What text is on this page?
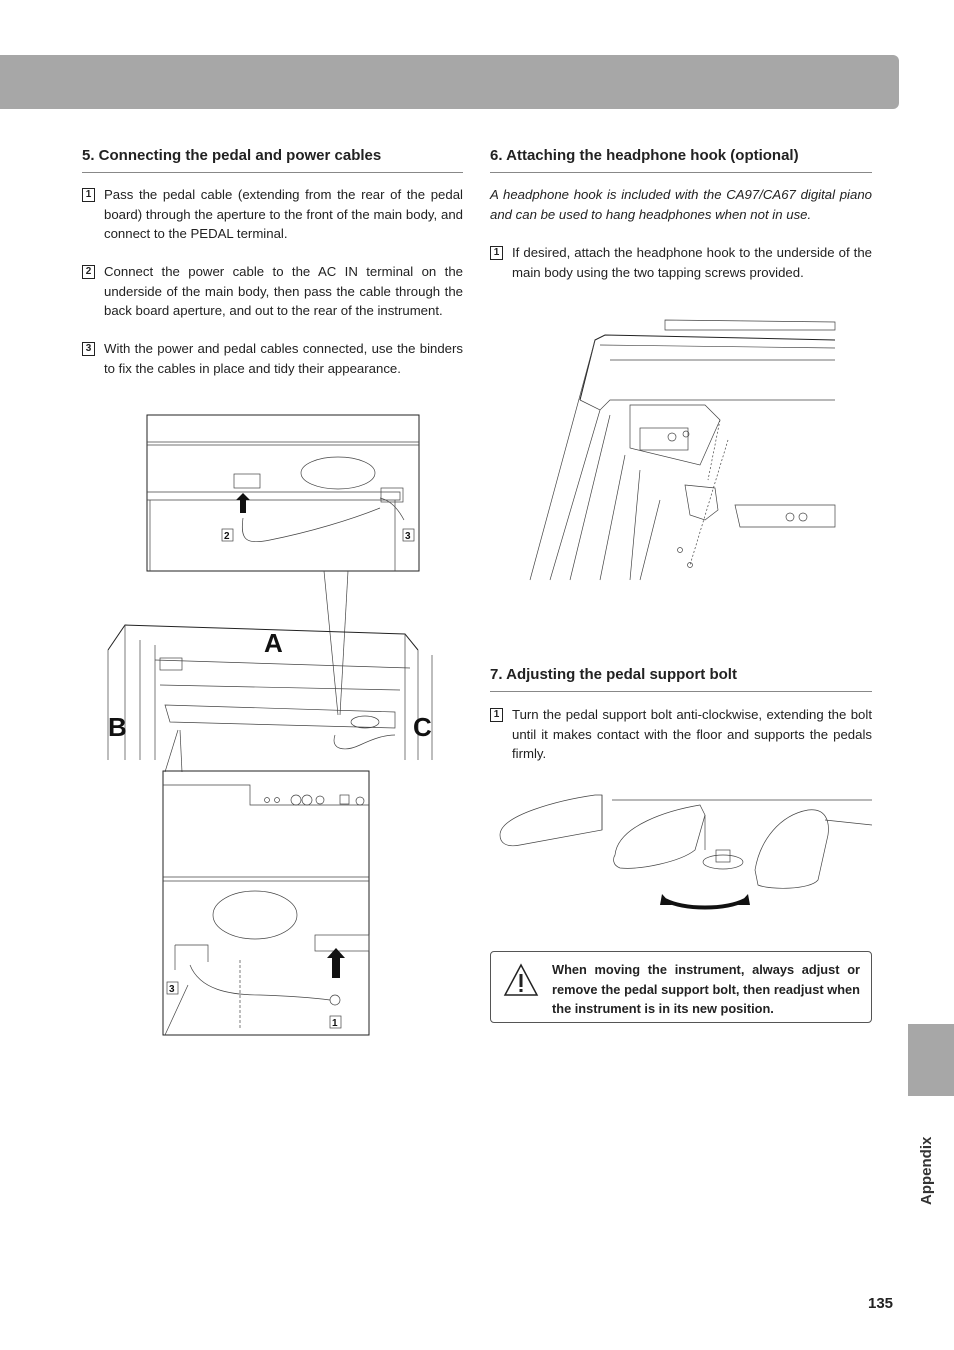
5. Connecting the pedal and power cables
1 Pass the pedal cable (extending from the rear of the pedal board) through the aperture to the front of the main body, and connect to the PEDAL terminal.
2 Connect the power cable to the AC IN terminal on the underside of the main body, then pass the cable through the back board aperture, and out to the rear of the instrument.
3 With the power and pedal cables connected, use the binders to fix the cables in place and tidy their appearance.
2	3
A
B	C
3
1
6. Attaching the headphone hook (optional)
A headphone hook is included with the CA97/CA67 digital piano and can be used to hang headphones when not in use.
1 If desired, attach the headphone hook to the underside of the main body using the two tapping screws provided.
7. Adjusting the pedal support bolt
1 Turn the pedal support bolt anti-clockwise, extending the bolt until it makes contact with the floor and supports the pedals firmly.
When moving the instrument, always adjust or remove the pedal support bolt, then readjust when the instrument is in its new position.
Appendix
135
